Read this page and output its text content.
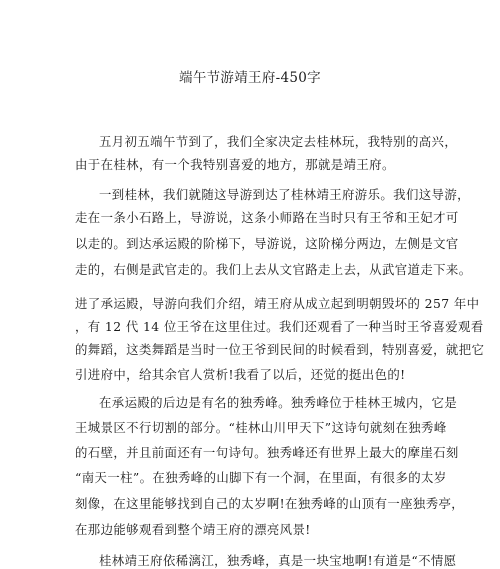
端午节游靖王府-450字
五月初五端午节到了，我们全家决定去桂林玩，我特别的高兴，
由于在桂林，有一个我特别喜爱的地方，那就是靖王府。
一到桂林，我们就随这导游到达了桂林靖王府游乐。我们这导游，
走在一条小石路上，导游说，这条小师路在当时只有王爷和王妃才可
以走的。到达承运殿的阶梯下，导游说，这阶梯分两边，左侧是文官
走的，右侧是武官走的。我们上去从文官路走上去，从武官道走下来。
进了承运殿，导游向我们介绍，靖王府从成立起到明朝毁坏的 257 年中
，有 12 代 14 位王爷在这里住过。我们还观看了一种当时王爷喜爱观看
的舞蹈，这类舞蹈是当时一位王爷到民间的时候看到，特别喜爱，就把它
引进府中，给其余官人赏析!我看了以后，还觉的挺出色的!
在承运殿的后边是有名的独秀峰。独秀峰位于桂林王城内，它是
王城景区不行切割的部分。“桂林山川甲天下”这诗句就刻在独秀峰
的石壁，并且前面还有一句诗句。独秀峰还有世界上最大的摩崖石刻
“南天一柱”。在独秀峰的山脚下有一个洞，在里面，有很多的太岁
刻像，在这里能够找到自己的太岁啊!在独秀峰的山顶有一座独秀亭，
在那边能够观看到整个靖王府的漂亮风景!
桂林靖王府依稀漓江，独秀峰，真是一块宝地啊!有道是“不情愿
